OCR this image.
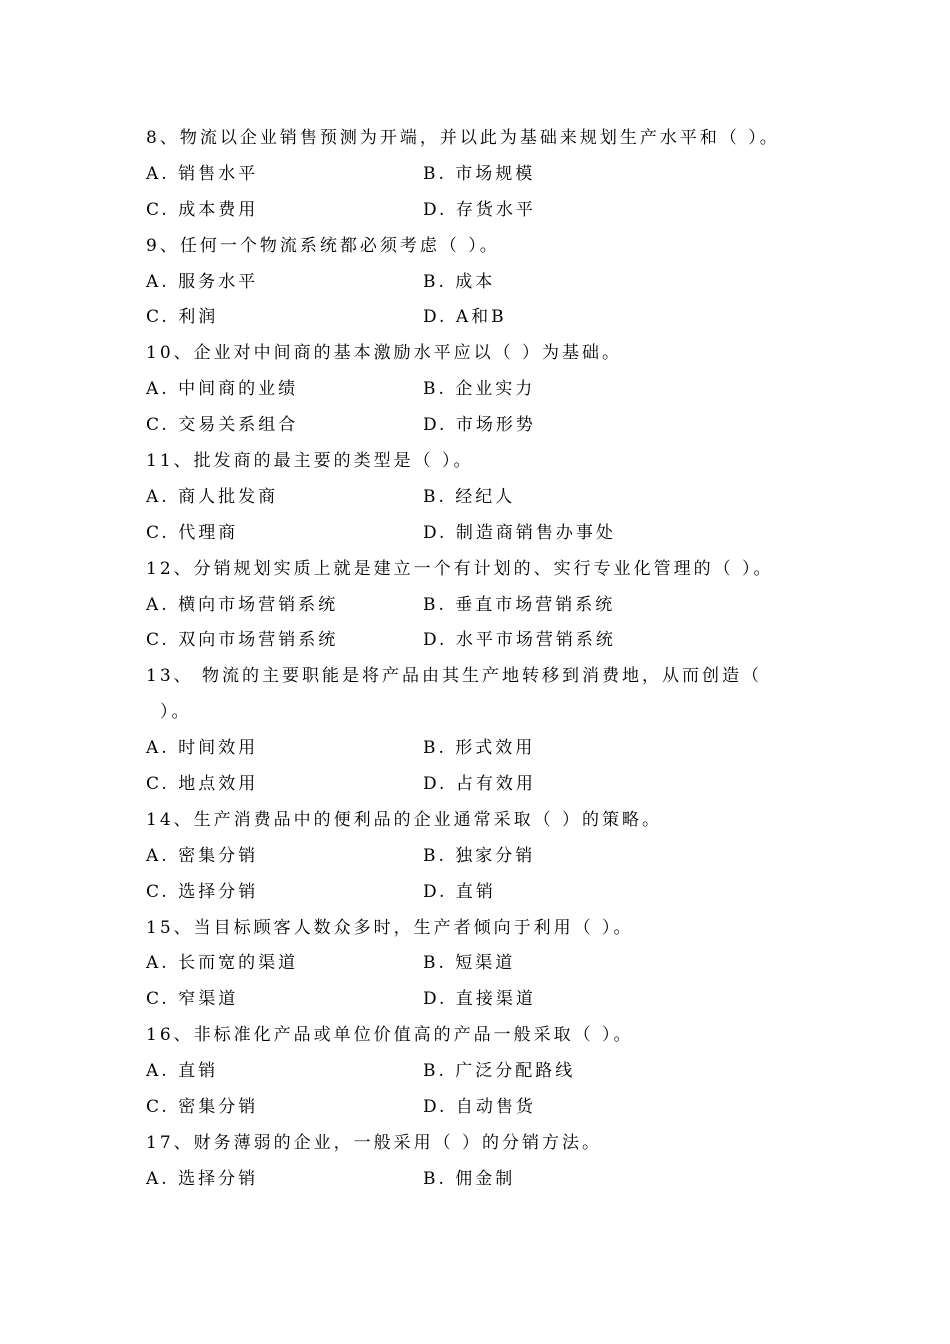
8、物流以企业销售预测为开端，并以此为基础来规划生产水平和（ ）。
A. 销售水平	B. 市场规模
C. 成本费用	D. 存货水平
9、任何一个物流系统都必须考虑（ ）。
A. 服务水平	B. 成本
C. 利润	D. A和B
10、企业对中间商的基本激励水平应以（ ）为基础。
A. 中间商的业绩	B. 企业实力
C. 交易关系组合	D. 市场形势
11、批发商的最主要的类型是（ ）。
A. 商人批发商	B. 经纪人
C. 代理商	D. 制造商销售办事处
12、分销规划实质上就是建立一个有计划的、实行专业化管理的（ ）。
A. 横向市场营销系统	B. 垂直市场营销系统
C. 双向市场营销系统	D. 水平市场营销系统
13、 物流的主要职能是将产品由其生产地转移到消费地，从而创造（
）。
A. 时间效用	B. 形式效用
C. 地点效用	D. 占有效用
14、生产消费品中的便利品的企业通常采取（ ）的策略。
A. 密集分销	B. 独家分销
C. 选择分销	D. 直销
15、当目标顾客人数众多时，生产者倾向于利用（ ）。
A. 长而宽的渠道	B. 短渠道
C. 窄渠道	D. 直接渠道
16、非标准化产品或单位价值高的产品一般采取（ ）。
A. 直销	B. 广泛分配路线
C. 密集分销	D. 自动售货
17、财务薄弱的企业，一般采用（ ）的分销方法。
A. 选择分销	B. 佣金制
